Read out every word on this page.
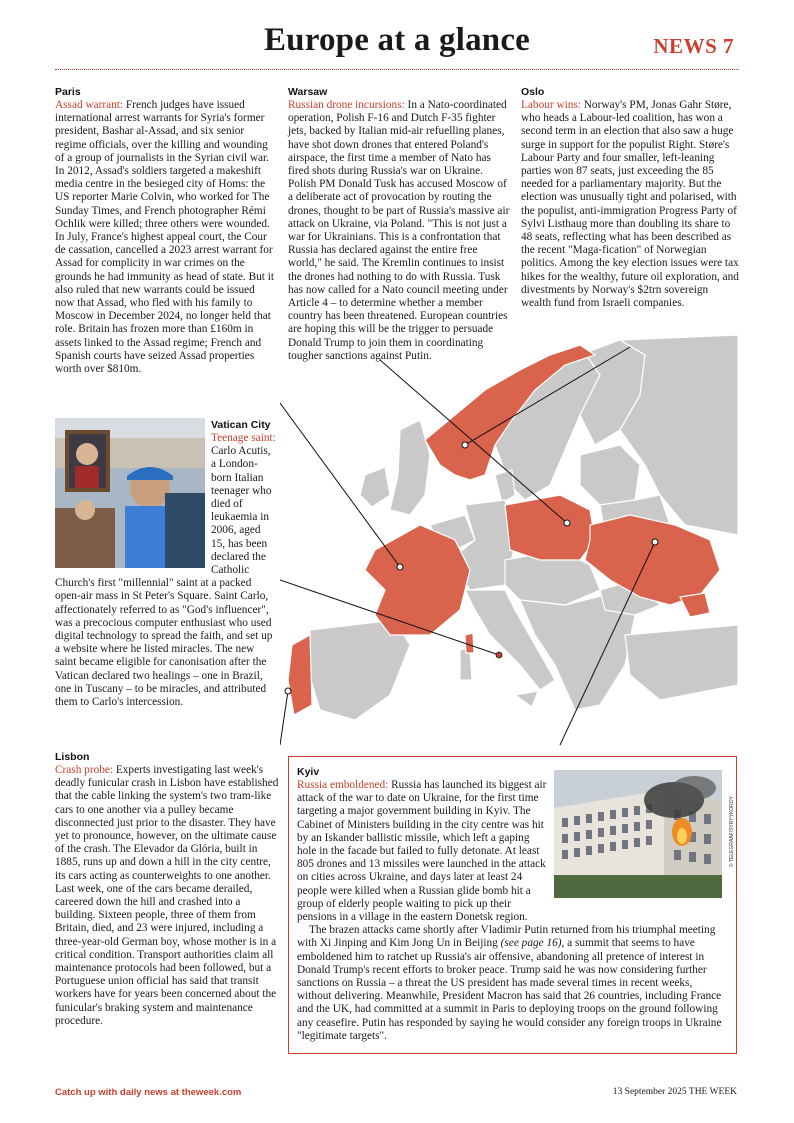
Europe at a glance	NEWS 7
Paris
Assad warrant: French judges have issued international arrest warrants for Syria's former president, Bashar al-Assad, and six senior regime officials, over the killing and wounding of a group of journalists in the Syrian civil war. In 2012, Assad's soldiers targeted a makeshift media centre in the besieged city of Homs: the US reporter Marie Colvin, who worked for The Sunday Times, and French photographer Rémi Ochlik were killed; three others were wounded. In July, France's highest appeal court, the Cour de cassation, cancelled a 2023 arrest warrant for Assad for complicity in war crimes on the grounds he had immunity as head of state. But it also ruled that new warrants could be issued now that Assad, who fled with his family to Moscow in December 2024, no longer held that role. Britain has frozen more than £160m in assets linked to the Assad regime; French and Spanish courts have seized Assad properties worth over $810m.
Warsaw
Russian drone incursions: In a Nato-coordinated operation, Polish F-16 and Dutch F-35 fighter jets, backed by Italian mid-air refuelling planes, have shot down drones that entered Poland's airspace, the first time a member of Nato has fired shots during Russia's war on Ukraine. Polish PM Donald Tusk has accused Moscow of a deliberate act of provocation by routing the drones, thought to be part of Russia's massive air attack on Ukraine, via Poland. "This is not just a war for Ukrainians. This is a confrontation that Russia has declared against the entire free world," he said. The Kremlin continues to insist the drones had nothing to do with Russia. Tusk has now called for a Nato council meeting under Article 4 – to determine whether a member country has been threatened. European countries are hoping this will be the trigger to persuade Donald Trump to join them in coordinating tougher sanctions against Putin.
Oslo
Labour wins: Norway's PM, Jonas Gahr Støre, who heads a Labour-led coalition, has won a second term in an election that also saw a huge surge in support for the populist Right. Støre's Labour Party and four smaller, left-leaning parties won 87 seats, just exceeding the 85 needed for a parliamentary majority. But the election was unusually tight and polarised, with the populist, anti-immigration Progress Party of Sylvi Listhaug more than doubling its share to 48 seats, reflecting what has been described as the recent "Maga-fication" of Norwegian politics. Among the key election issues were tax hikes for the wealthy, future oil exploration, and divestments by Norway's $2trn sovereign wealth fund from Israeli companies.
Vatican City
Teenage saint: Carlo Acutis, a London-born Italian teenager who died of leukaemia in 2006, aged 15, has been declared the Catholic Church's first "millennial" saint at a packed open-air mass in St Peter's Square. Saint Carlo, affectionately referred to as "God's influencer", was a precocious computer enthusiast who used digital technology to spread the faith, and set up a website where he listed miracles. The new saint became eligible for canonisation after the Vatican declared two healings – one in Brazil, one in Tuscany – to be miracles, and attributed them to Carlo's intercession.
Lisbon
Crash probe: Experts investigating last week's deadly funicular crash in Lisbon have established that the cable linking the system's two tram-like cars to one another via a pulley became disconnected just prior to the disaster. They have yet to pronounce, however, on the ultimate cause of the crash. The Elevador da Glória, built in 1885, runs up and down a hill in the city centre, its cars acting as counterweights to one another. Last week, one of the cars became derailed, careered down the hill and crashed into a building. Sixteen people, three of them from Britain, died, and 23 were injured, including a three-year-old German boy, whose mother is in a critical condition. Transport authorities claim all maintenance protocols had been followed, but a Portuguese union official has said that transit workers have for years been concerned about the funicular's braking system and maintenance procedure.
© TELEGRAAF/SYRYYKOROY
Kyiv
Russia emboldened: Russia has launched its biggest air attack of the war to date on Ukraine, for the first time targeting a major government building in Kyiv. The Cabinet of Ministers building in the city centre was hit by an Iskander ballistic missile, which left a gaping hole in the facade but failed to fully detonate. At least 805 drones and 13 missiles were launched in the attack on cities across Ukraine, and days later at least 24 people were killed when a Russian glide bomb hit a group of elderly people waiting to pick up their pensions in a village in the eastern Donetsk region.
The brazen attacks came shortly after Vladimir Putin returned from his triumphal meeting with Xi Jinping and Kim Jong Un in Beijing (see page 16), a summit that seems to have emboldened him to ratchet up Russia's air offensive, abandoning all pretence of interest in Donald Trump's recent efforts to broker peace. Trump said he was now considering further sanctions on Russia – a threat the US president has made several times in recent weeks, without delivering. Meanwhile, President Macron has said that 26 countries, including France and the UK, had committed at a summit in Paris to deploying troops on the ground following any ceasefire. Putin has responded by saying he would consider any foreign troops in Ukraine "legitimate targets".
Catch up with daily news at theweek.com	13 September 2025 THE WEEK
